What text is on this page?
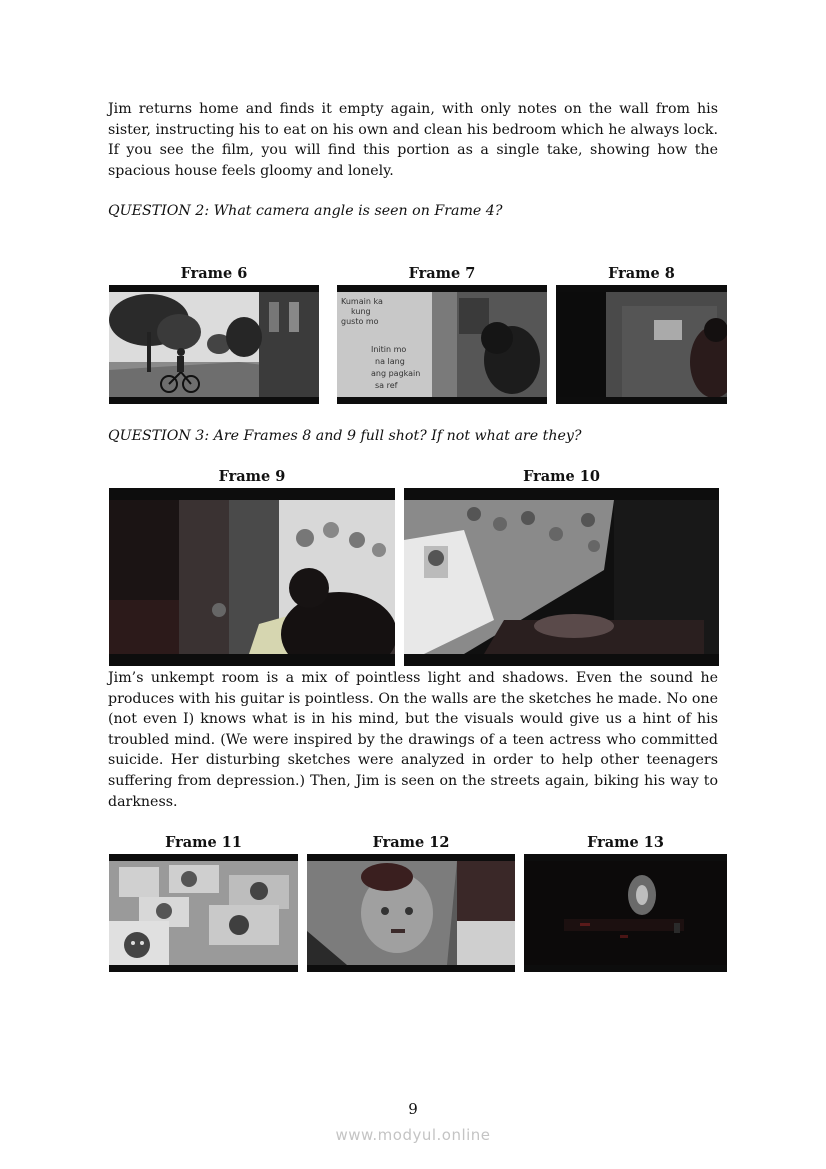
Jim returns home and finds it empty again, with only notes on the wall from his sister, instructing his to eat on his own and clean his bedroom which he always lock. If you see the film, you will find this portion as a single take, showing how the spacious house feels gloomy and lonely.

QUESTION 2: What camera angle is seen on Frame 4?

Frame 6	Frame 7	Frame 8

Kumain ka kung gusto mo Initin mo na lang ang pagkain sa ref

QUESTION 3: Are Frames 8 and 9 full shot? If not what are they?

Frame 9	Frame 10

Jim’s unkempt room is a mix of pointless light and shadows. Even the sound he produces with his guitar is pointless. On the walls are the sketches he made. No one (not even I) knows what is in his mind, but the visuals would give us a hint of his troubled mind. (We were inspired by the drawings of a teen actress who committed suicide. Her disturbing sketches were analyzed in order to help other teenagers suffering from depression.) Then, Jim is seen on the streets again, biking his way to darkness.

Frame 11	Frame 12	Frame 13

9
www.modyul.online
